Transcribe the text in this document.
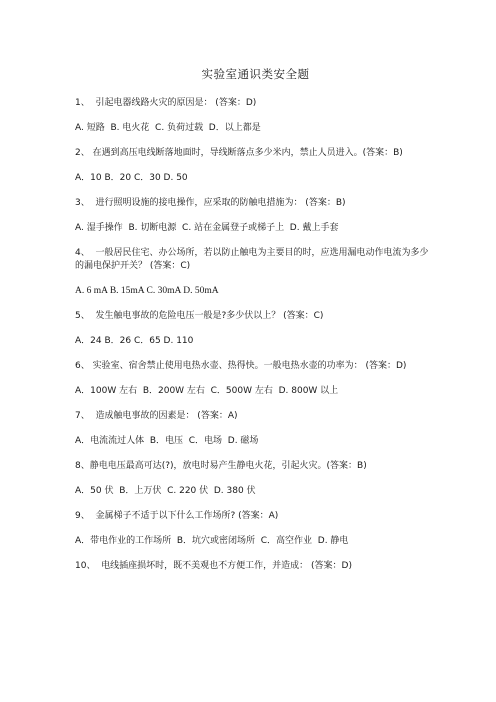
实验室通识类安全题
1、  引起电器线路火灾的原因是： (答案：D)
A. 短路  B. 电火花  C. 负荷过载  D．以上都是
2、 在遇到高压电线断落地面时，导线断落点多少米内，禁止人员进入。(答案：B)
A．10 B．20 C．30 D. 50
3、  进行照明设施的接电操作，应采取的防触电措施为： (答案：B)
A. 湿手操作  B. 切断电源  C. 站在金属登子或梯子上  D. 戴上手套
4、  一般居民住宅、办公场所，若以防止触电为主要目的时，应选用漏电动作电流为多少的漏电保护开关？ (答案：C)
A. 6 mA B. 15mA C. 30mA D. 50mA
5、  发生触电事故的危险电压一般是?多少伏以上？ (答案：C)
A．24 B．26 C．65 D. 110
6、 实验室、宿舍禁止使用电热水壶、热得快。一般电热水壶的功率为： (答案：D)
A．100W 左右  B．200W 左右  C．500W 左右  D. 800W 以上
7、  造成触电事故的因素是： (答案：A)
A．电流流过人体  B．电压  C．电场  D. 磁场
8、静电电压最高可达(?)，放电时易产生静电火花，引起火灾。(答案：B)
A．50 伏  B．上万伏  C. 220 伏  D. 380 伏
9、  金属梯子不适于以下什么工作场所? (答案：A)
A．带电作业的工作场所  B．坑穴或密闭场所  C．高空作业  D. 静电
10、  电线插座损坏时，既不美观也不方便工作，并造成： (答案：D)
